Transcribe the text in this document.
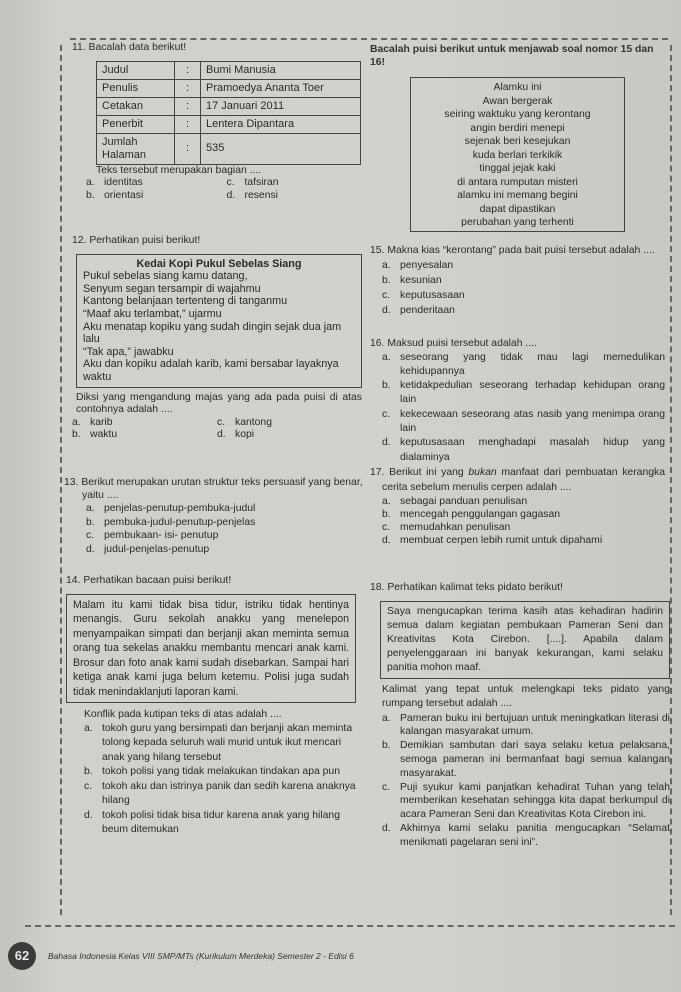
11. Bacalah data berikut!
Judul	:	Bumi Manusia
Penulis	:	Pramoedya Ananta Toer
Cetakan	:	17 Januari 2011
Penerbit	:	Lentera Dipantara
Jumlah Halaman	:	535
Teks tersebut merupakan bagian ....
a. identitas	c. tafsiran
b. orientasi	d. resensi
12. Perhatikan puisi berikut!
Kedai Kopi Pukul Sebelas Siang
Pukul sebelas siang kamu datang,
Senyum segan tersampir di wajahmu
Kantong belanjaan tertenteng di tanganmu
“Maaf aku terlambat,” ujarmu
Aku menatap kopiku yang sudah dingin sejak dua jam lalu
“Tak apa,” jawabku
Aku dan kopiku adalah karib, kami bersabar layaknya waktu
Diksi yang mengandung majas yang ada pada puisi di atas contohnya adalah ....
a. karib	c. kantong
b. waktu	d. kopi
13. Berikut merupakan urutan struktur teks persuasif yang benar, yaitu ....
a. penjelas-penutup-pembuka-judul
b. pembuka-judul-penutup-penjelas
c. pembukaan- isi- penutup
d. judul-penjelas-penutup
14. Perhatikan bacaan puisi berikut!
Malam itu kami tidak bisa tidur, istriku tidak hentinya menangis. Guru sekolah anakku yang menelepon menyampaikan simpati dan berjanji akan meminta semua orang tua sekelas anakku membantu mencari anak kami. Brosur dan foto anak kami sudah disebarkan. Sampai hari ketiga anak kami juga belum ketemu. Polisi juga sudah tidak menindaklanjuti laporan kami.
Konflik pada kutipan teks di atas adalah ....
a. tokoh guru yang bersimpati dan berjanji akan meminta tolong kepada seluruh wali murid untuk ikut mencari anak yang hilang tersebut
b. tokoh polisi yang tidak melakukan tindakan apa pun
c. tokoh aku dan istrinya panik dan sedih karena anaknya hilang
d. tokoh polisi tidak bisa tidur karena anak yang hilang beum ditemukan
Bacalah puisi berikut untuk menjawab soal nomor 15 dan 16!
Alamku ini
Awan bergerak
seiring waktuku yang kerontang
angin berdiri menepi
sejenak beri kesejukan
kuda berlari terkikik
tinggal jejak kaki
di antara rumputan misteri
alamku ini memang begini
dapat dipastikan
perubahan yang terhenti
15. Makna kias “kerontang” pada bait puisi tersebut adalah ....
a. penyesalan
b. kesunian
c. keputusasaan
d. penderitaan
16. Maksud puisi tersebut adalah ....
a. seseorang yang tidak mau lagi memedulikan kehidupannya
b. ketidakpedulian seseorang terhadap kehidupan orang lain
c. kekecewaan seseorang atas nasib yang menimpa orang lain
d. keputusasaan menghadapi masalah hidup yang dialaminya
17. Berikut ini yang bukan manfaat dari pembuatan kerangka cerita sebelum menulis cerpen adalah ....
a. sebagai panduan penulisan
b. mencegah penggulangan gagasan
c. memudahkan penulisan
d. membuat cerpen lebih rumit untuk dipahami
18. Perhatikan kalimat teks pidato berikut!
Saya mengucapkan terima kasih atas kehadiran hadirin semua dalam kegiatan pembukaan Pameran Seni dan Kreativitas Kota Cirebon. [....]. Apabila dalam penyelenggaraan ini banyak kekurangan, kami selaku panitia mohon maaf.
Kalimat yang tepat untuk melengkapi teks pidato yang rumpang tersebut adalah ....
a. Pameran buku ini bertujuan untuk meningkatkan literasi di kalangan masyarakat umum.
b. Demikian sambutan dari saya selaku ketua pelaksana, semoga pameran ini bermanfaat bagi semua kalangan masyarakat.
c. Puji syukur kami panjatkan kehadirat Tuhan yang telah memberikan kesehatan sehingga kita dapat berkumpul di acara Pameran Seni dan Kreativitas Kota Cirebon ini.
d. Akhirnya kami selaku panitia mengucapkan “Selamat menikmati pagelaran seni ini”.
62	Bahasa Indonesia Kelas VIII SMP/MTs (Kurikulum Merdeka) Semester 2 - Edisi 6
